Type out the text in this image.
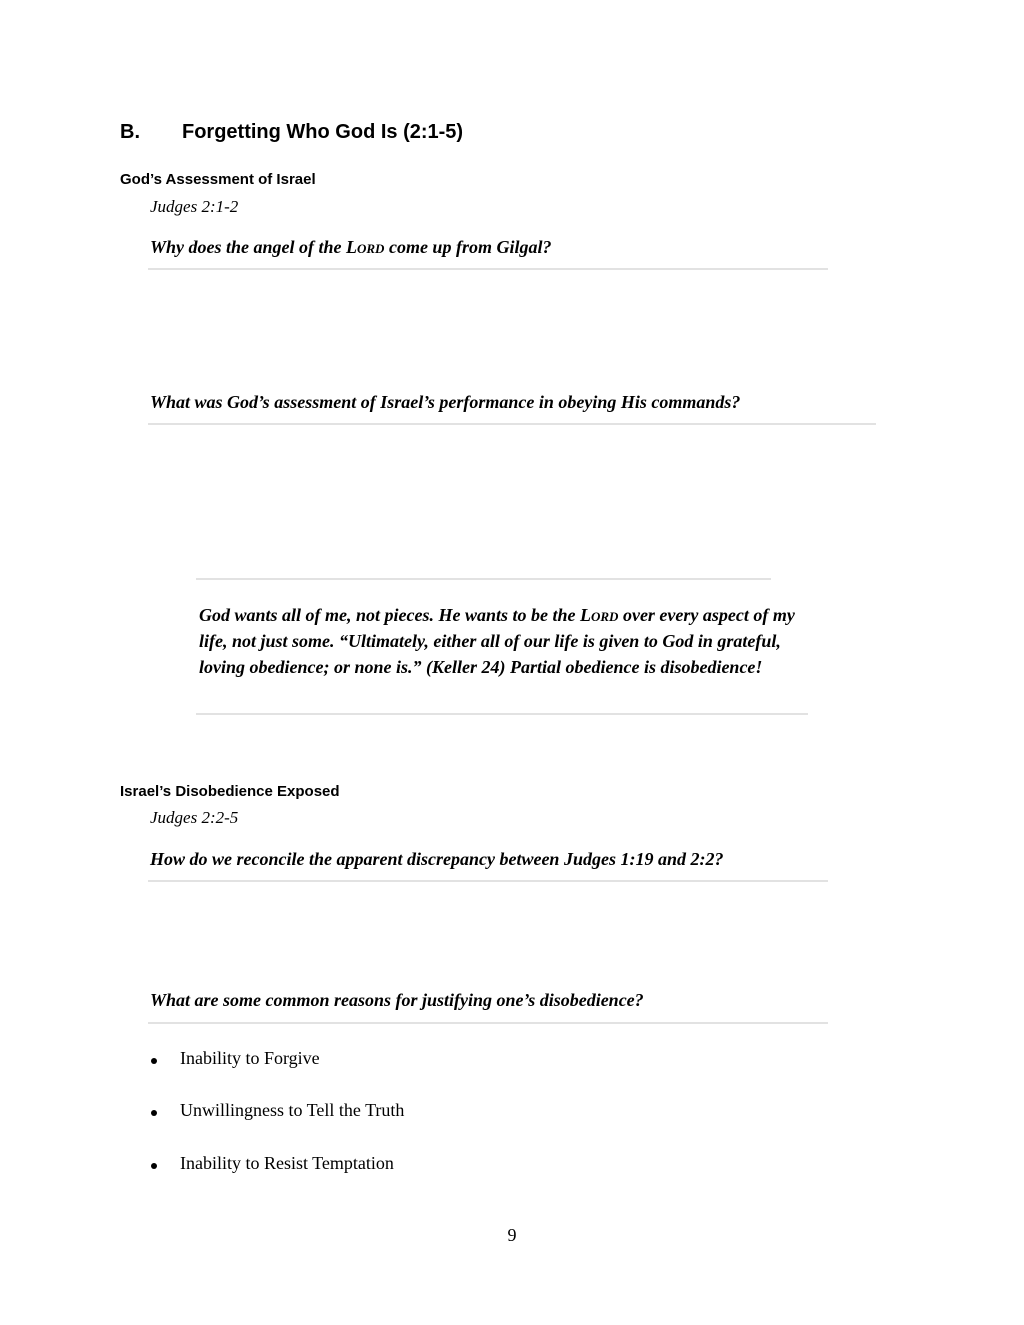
B. Forgetting Who God Is (2:1-5)
God’s Assessment of Israel
Judges 2:1-2
Why does the angel of the Lord come up from Gilgal?
What was God’s assessment of Israel’s performance in obeying His commands?
God wants all of me, not pieces. He wants to be the Lord over every aspect of my life, not just some. “Ultimately, either all of our life is given to God in grateful, loving obedience; or none is.” (Keller 24) Partial obedience is disobedience!
Israel’s Disobedience Exposed
Judges 2:2-5
How do we reconcile the apparent discrepancy between Judges 1:19 and 2:2?
What are some common reasons for justifying one’s disobedience?
Inability to Forgive
Unwillingness to Tell the Truth
Inability to Resist Temptation
9
